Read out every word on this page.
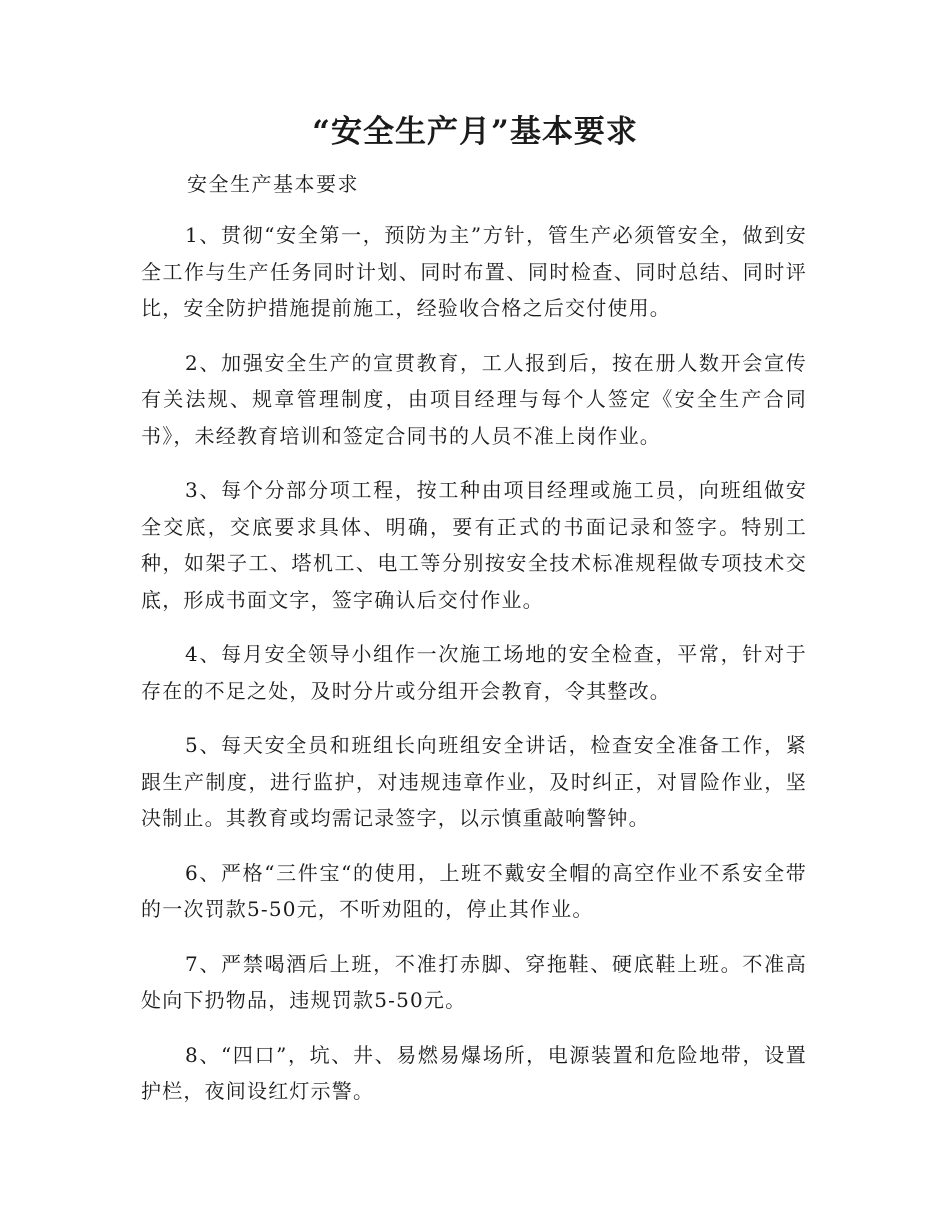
“安全生产月”基本要求

安全生产基本要求

1、贯彻“安全第一，预防为主”方针，管生产必须管安全，做到安全工作与生产任务同时计划、同时布置、同时检查、同时总结、同时评比，安全防护措施提前施工，经验收合格之后交付使用。

2、加强安全生产的宣贯教育，工人报到后，按在册人数开会宣传有关法规、规章管理制度，由项目经理与每个人签定《安全生产合同书》，未经教育培训和签定合同书的人员不准上岗作业。

3、每个分部分项工程，按工种由项目经理或施工员，向班组做安全交底，交底要求具体、明确，要有正式的书面记录和签字。特别工种，如架子工、塔机工、电工等分别按安全技术标准规程做专项技术交底，形成书面文字，签字确认后交付作业。

4、每月安全领导小组作一次施工场地的安全检查，平常，针对于存在的不足之处，及时分片或分组开会教育，令其整改。

5、每天安全员和班组长向班组安全讲话，检查安全准备工作，紧跟生产制度，进行监护，对违规违章作业，及时纠正，对冒险作业，坚决制止。其教育或均需记录签字，以示慎重敲响警钟。

6、严格“三件宝“的使用，上班不戴安全帽的高空作业不系安全带的一次罚款5-50元，不听劝阻的，停止其作业。

7、严禁喝酒后上班，不准打赤脚、穿拖鞋、硬底鞋上班。不准高处向下扔物品，违规罚款5-50元。

8、“四口”，坑、井、易燃易爆场所，电源装置和危险地带，设置护栏，夜间设红灯示警。
